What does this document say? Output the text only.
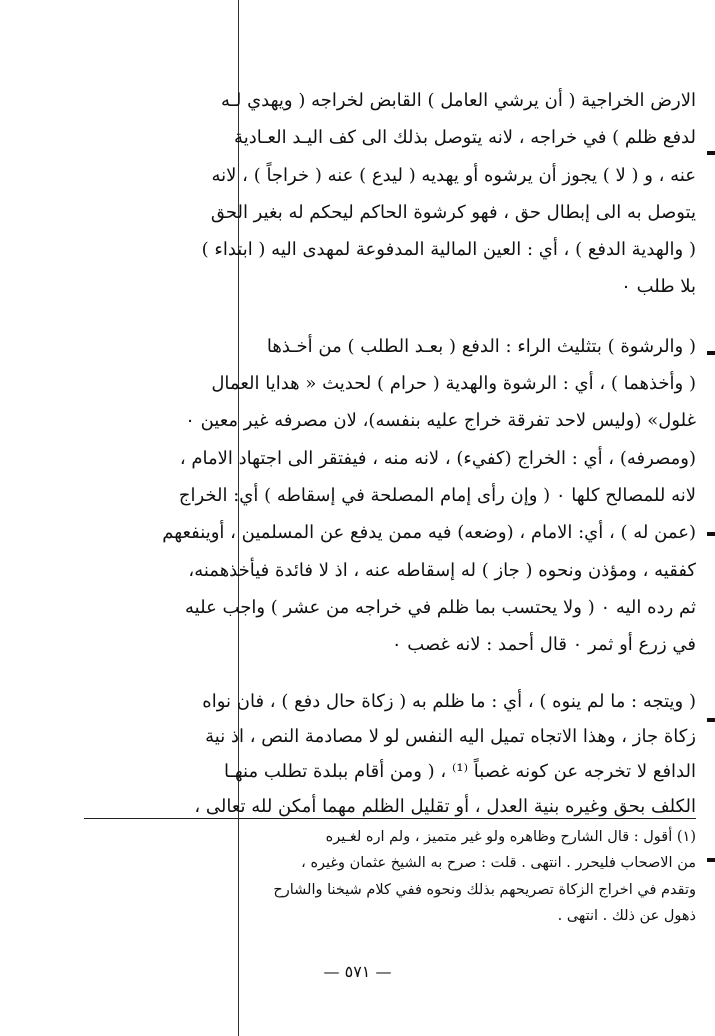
الارض الخراجية ( أن يرشي العامل ) القابض لخراجه ( ويهدي لـه
لدفع ظلم ) في خراجه ، لانه يتوصل بذلك الى كف اليـد العـادية
عنه ، و ( لا ) يجوز أن يرشوه أو يهديه ( ليدع ) عنه ( خراجاً ) ، لانه
يتوصل به الى إبطال حق ، فهو كرشوة الحاكم ليحكم له بغير الحق
( والهدية الدفع ) ، أي : العين المالية المدفوعة لمهدى اليه ( ابتداء )
بلا طلب ٠
( والرشوة ) بتثليث الراء : الدفع ( بعـد الطلب ) من أخـذها
( وأخذهما ) ، أي : الرشوة والهدية ( حرام ) لحديث « هدايا العمال
غلول» (وليس لاحد تفرقة خراج عليه بنفسه)، لان مصرفه غير معين ٠
(ومصرفه) ، أي : الخراج (كفيء) ، لانه منه ، فيفتقر الى اجتهاد الامام ،
لانه للمصالح كلها ٠ ( وإن رأى إمام المصلحة في إسقاطه ) أي: الخراج
(عمن له ) ، أي: الامام ، (وضعه) فيه ممن يدفع عن المسلمين ، أوينفعهم
كفقيه ، ومؤذن ونحوه ( جاز ) له إسقاطه عنه ، اذ لا فائدة فيأخذهمنه،
ثم رده اليه ٠ ( ولا يحتسب بما ظلم في خراجه من عشر ) واجب عليه
في زرع أو ثمر ٠ قال أحمد : لانه غصب ٠
( ويتجه : ما لم ينوه ) ، أي : ما ظلم به ( زكاة حال دفع ) ، فان نواه
زكاة جاز ، وهذا الاتجاه تميل اليه النفس لو لا مصادمة النص ، اذ نية
الدافع لا تخرجه عن كونه غصباً ⁽¹⁾ ، ( ومن أقام ببلدة تطلب منهـا
الكلف بحق وغيره بنية العدل ، أو تقليل الظلم مهما أمكن لله تعالى ،
(١) أقول : قال الشارح وظاهره ولو غير متميز ، ولم اره لغـيره
من الاصحاب فليحرر . انتهى . قلت : صرح به الشيخ عثمان وغيره ،
وتقدم في اخراج الزكاة تصريحهم بذلك ونحوه ففي كلام شيخنا والشارح
ذهول عن ذلك . انتهى .
— ٥٧١ —
